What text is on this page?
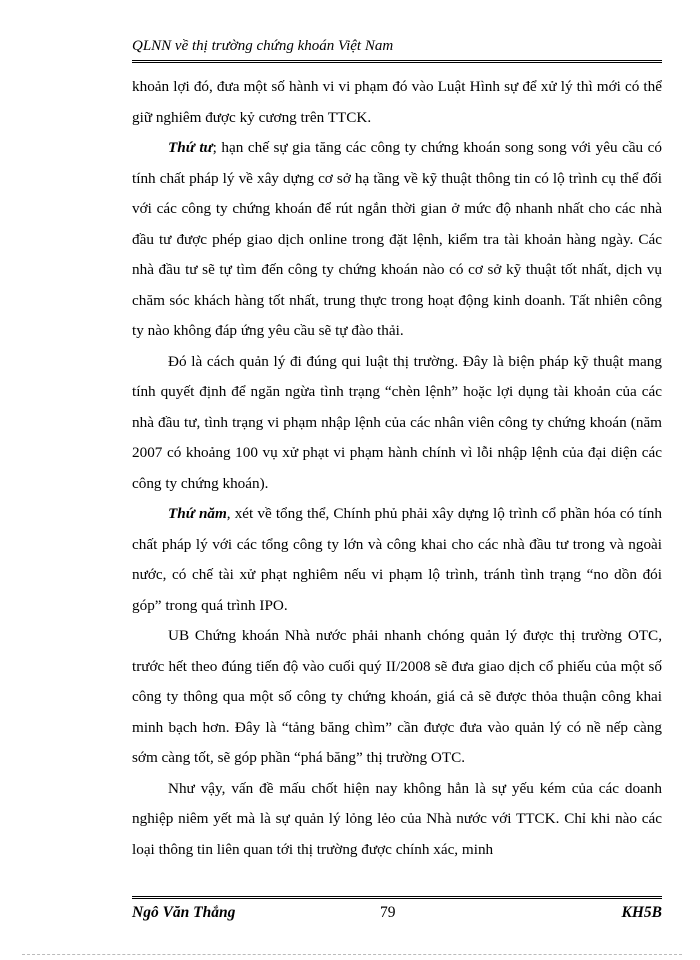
QLNN về thị trường chứng khoán Việt Nam

khoản lợi đó, đưa một số hành vi vi phạm đó vào Luật Hình sự để xử lý thì mới có thể giữ nghiêm được kỷ cương trên TTCK.

Thứ tư; hạn chế sự gia tăng các công ty chứng khoán song song với yêu cầu có tính chất pháp lý về xây dựng cơ sở hạ tầng về kỹ thuật thông tin có lộ trình cụ thể đối với các công ty chứng khoán để rút ngắn thời gian ở mức độ nhanh nhất cho các nhà đầu tư được phép giao dịch online trong đặt lệnh, kiểm tra tài khoản hàng ngày. Các nhà đầu tư sẽ tự tìm đến công ty chứng khoán nào có cơ sở kỹ thuật tốt nhất, dịch vụ chăm sóc khách hàng tốt nhất, trung thực trong hoạt động kinh doanh. Tất nhiên công ty nào không đáp ứng yêu cầu sẽ tự đào thải.

Đó là cách quản lý đi đúng qui luật thị trường. Đây là biện pháp kỹ thuật mang tính quyết định để ngăn ngừa tình trạng “chèn lệnh” hoặc lợi dụng tài khoản của các nhà đầu tư, tình trạng vi phạm nhập lệnh của các nhân viên công ty chứng khoán (năm 2007 có khoảng 100 vụ xử phạt vi phạm hành chính vì lỗi nhập lệnh của đại diện các công ty chứng khoán).

Thứ năm, xét về tổng thể, Chính phủ phải xây dựng lộ trình cổ phần hóa có tính chất pháp lý với các tổng công ty lớn và công khai cho các nhà đầu tư trong và ngoài nước, có chế tài xử phạt nghiêm nếu vi phạm lộ trình, tránh tình trạng “no dồn đói góp” trong quá trình IPO.

UB Chứng khoán Nhà nước phải nhanh chóng quản lý được thị trường OTC, trước hết theo đúng tiến độ vào cuối quý II/2008 sẽ đưa giao dịch cổ phiếu của một số công ty thông qua một số công ty chứng khoán, giá cả sẽ được thỏa thuận công khai minh bạch hơn. Đây là “tảng băng chìm” cần được đưa vào quản lý có nề nếp càng sớm càng tốt, sẽ góp phần “phá băng” thị trường OTC.

Như vậy, vấn đề mấu chốt hiện nay không hẳn là sự yếu kém của các doanh nghiệp niêm yết mà là sự quản lý lỏng lẻo của Nhà nước với TTCK. Chỉ khi nào các loại thông tin liên quan tới thị trường được chính xác, minh

Ngô Văn Thắng	79	KH5B
